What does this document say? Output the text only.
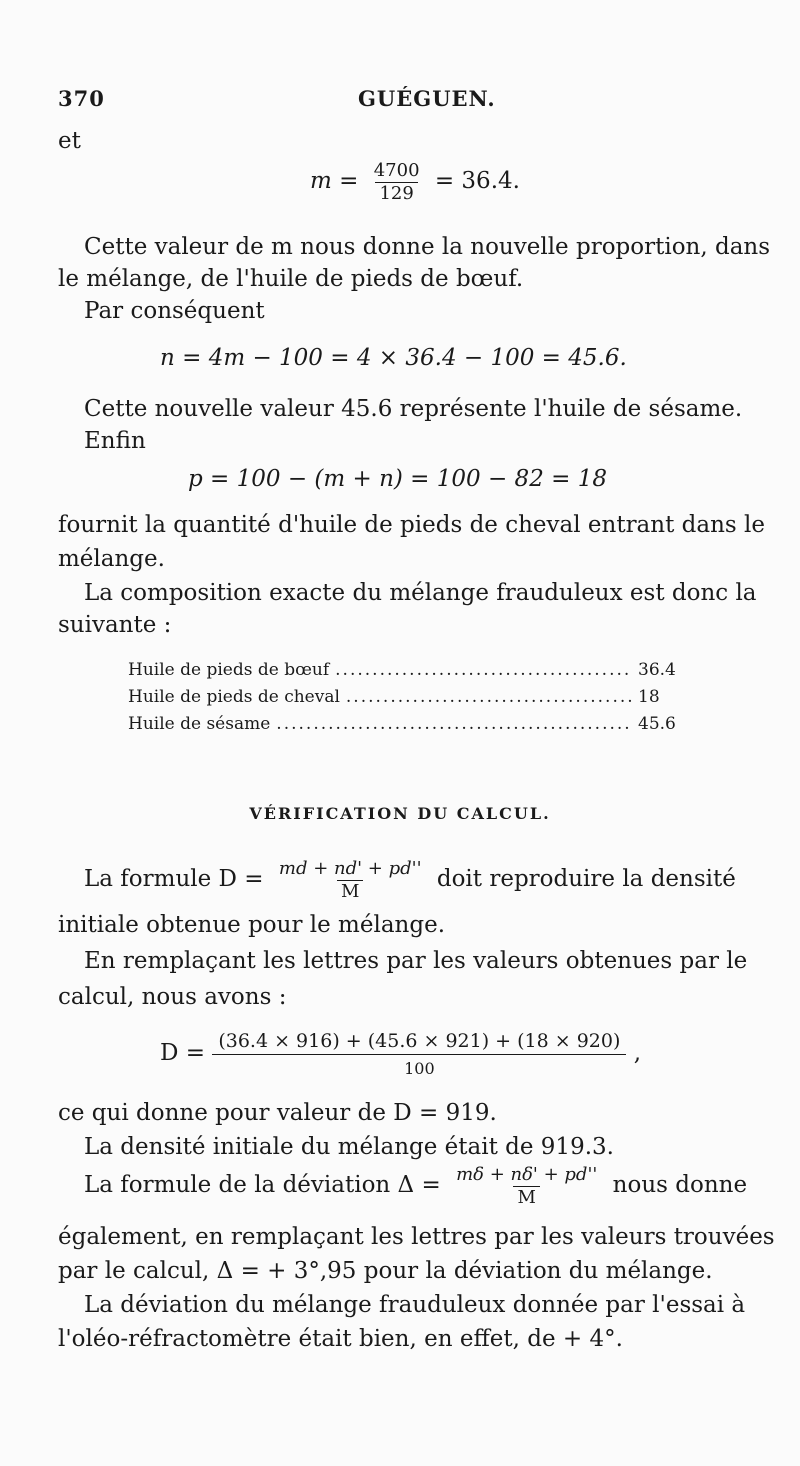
370	GUÉGUEN.
et
$m = \frac{4700}{129} = 36.4$.
Cette valeur de m nous donne la nouvelle proportion, dans
le mélange, de l'huile de pieds de bœuf.
Par conséquent
n = 4m − 100 = 4 × 36.4 − 100 = 45.6.
Cette nouvelle valeur 45.6 représente l'huile de sésame.
Enfin
p = 100 − (m + n) = 100 − 82 = 18
fournit la quantité d'huile de pieds de cheval entrant dans le
mélange.
La composition exacte du mélange frauduleux est donc la
suivante :
Huile de pieds de bœuf .....	36.4
Huile de pieds de cheval .....	18
Huile de sésame .....	45.6
VÉRIFICATION DU CALCUL.
La formule $D = \frac{md + nd' + pd''}{M}$ doit reproduire la densité
initiale obtenue pour le mélange.
En remplaçant les lettres par les valeurs obtenues par le
calcul, nous avons :
$D = \frac{(36.4 \times 916) + (45.6 \times 921) + (18 \times 920)}{100}$ ,
ce qui donne pour valeur de D = 919.
La densité initiale du mélange était de 919.3.
La formule de la déviation $\Delta = \frac{m\delta + n\delta' + pd''}{M}$ nous donne
également, en remplaçant les lettres par les valeurs trouvées
par le calcul, Δ = + 3°,95 pour la déviation du mélange.
La déviation du mélange frauduleux donnée par l'essai à
l'oléo-réfractomètre était bien, en effet, de + 4°.
